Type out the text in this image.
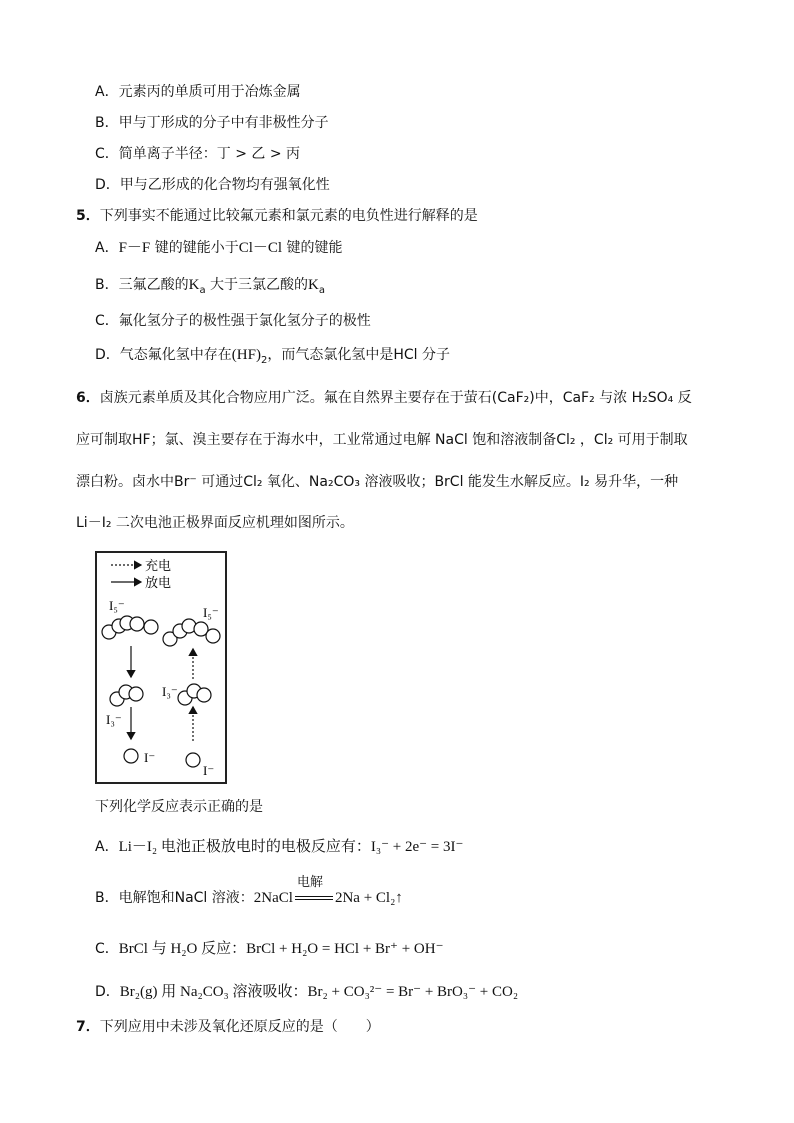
A．元素丙的单质可用于冶炼金属
B．甲与丁形成的分子中有非极性分子
C．简单离子半径：丁 > 乙 > 丙
D．甲与乙形成的化合物均有强氧化性
5．下列事实不能通过比较氟元素和氯元素的电负性进行解释的是
A．F－F 键的键能小于Cl－Cl 键的键能
B．三氟乙酸的$K_a$ 大于三氯乙酸的$K_a$
C．氟化氢分子的极性强于氯化氢分子的极性
D．气态氟化氢中存在$(HF)_2$，而气态氯化氢中是HCl 分子
6．卤族元素单质及其化合物应用广泛。氟在自然界主要存在于萤石(CaF₂)中，CaF₂ 与浓 H₂SO₄ 反
应可制取HF；氯、溴主要存在于海水中，工业常通过电解 NaCl 饱和溶液制备Cl₂ ，Cl₂ 可用于制取
漂白粉。卤水中Br⁻ 可通过Cl₂ 氧化、Na₂CO₃ 溶液吸收；BrCl 能发生水解反应。I₂ 易升华，一种
Li－I₂ 二次电池正极界面反应机理如图所示。
充电
放电
I₅⁻	I₅⁻
I₃⁻
I₃⁻
I⁻
I⁻
下列化学反应表示正确的是
A．Li－I₂ 电池正极放电时的电极反应有：I₃⁻ + 2e⁻ = 3I⁻
B．电解饱和NaCl 溶液：2NaCl
电解
2Na + Cl₂↑
C．BrCl 与 H₂O 反应：BrCl + H₂O = HCl + Br⁺ + OH⁻
D．Br₂(g) 用 Na₂CO₃ 溶液吸收：Br₂ + CO₃²⁻ = Br⁻ + BrO₃⁻ + CO₂
7．下列应用中未涉及氧化还原反应的是（　　）
